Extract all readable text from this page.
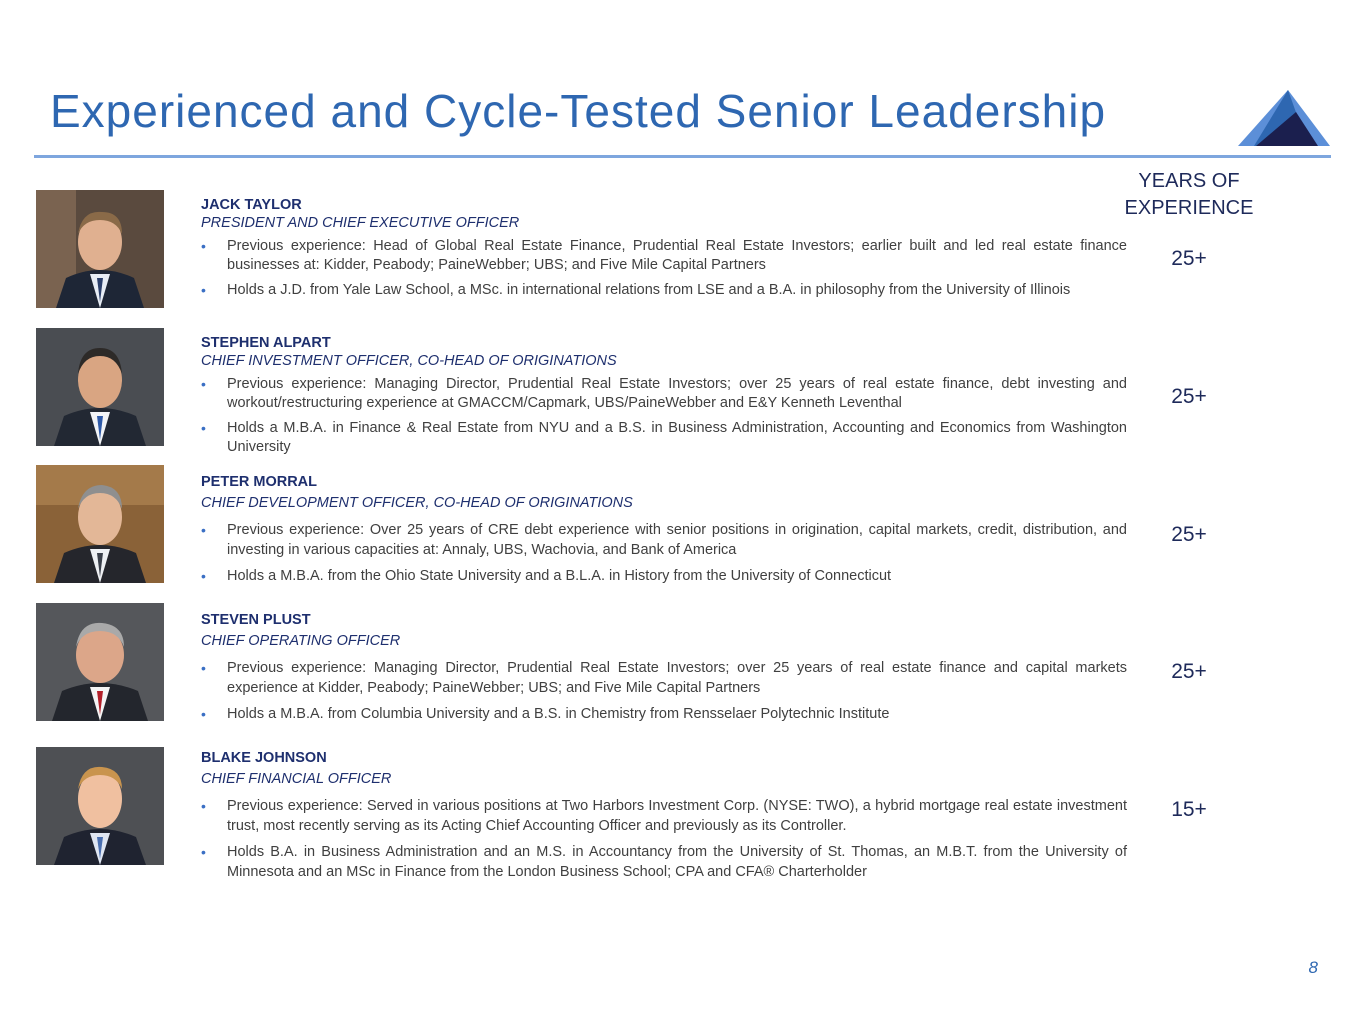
Experienced and Cycle-Tested Senior Leadership
YEARS OF
EXPERIENCE
JACK TAYLOR
PRESIDENT AND CHIEF EXECUTIVE OFFICER
• Previous experience: Head of Global Real Estate Finance, Prudential Real Estate Investors; earlier built and led real estate finance businesses at: Kidder, Peabody; PaineWebber; UBS; and Five Mile Capital Partners
• Holds a J.D. from Yale Law School, a MSc. in international relations from LSE and a B.A. in philosophy from the University of Illinois
25+
STEPHEN ALPART
CHIEF INVESTMENT OFFICER, CO-HEAD OF ORIGINATIONS
• Previous experience: Managing Director, Prudential Real Estate Investors; over 25 years of real estate finance, debt investing and workout/restructuring experience at GMACCM/Capmark, UBS/PaineWebber and E&Y Kenneth Leventhal
• Holds a M.B.A. in Finance & Real Estate from NYU and a B.S. in Business Administration, Accounting and Economics from Washington University
25+
PETER MORRAL
CHIEF DEVELOPMENT OFFICER, CO-HEAD OF ORIGINATIONS
• Previous experience: Over 25 years of CRE debt experience with senior positions in origination, capital markets, credit, distribution, and investing in various capacities at: Annaly, UBS, Wachovia, and Bank of America
• Holds a M.B.A. from the Ohio State University and a B.L.A. in History from the University of Connecticut
25+
STEVEN PLUST
CHIEF OPERATING OFFICER
• Previous experience: Managing Director, Prudential Real Estate Investors; over 25 years of real estate finance and capital markets experience at Kidder, Peabody; PaineWebber; UBS; and Five Mile Capital Partners
• Holds a M.B.A. from Columbia University and a B.S. in Chemistry from Rensselaer Polytechnic Institute
25+
BLAKE JOHNSON
CHIEF FINANCIAL OFFICER
• Previous experience: Served in various positions at Two Harbors Investment Corp. (NYSE: TWO), a hybrid mortgage real estate investment trust, most recently serving as its Acting Chief Accounting Officer and previously as its Controller.
• Holds B.A. in Business Administration and an M.S. in Accountancy from the University of St. Thomas, an M.B.T. from the University of Minnesota and an MSc in Finance from the London Business School; CPA and CFA® Charterholder
15+
8
